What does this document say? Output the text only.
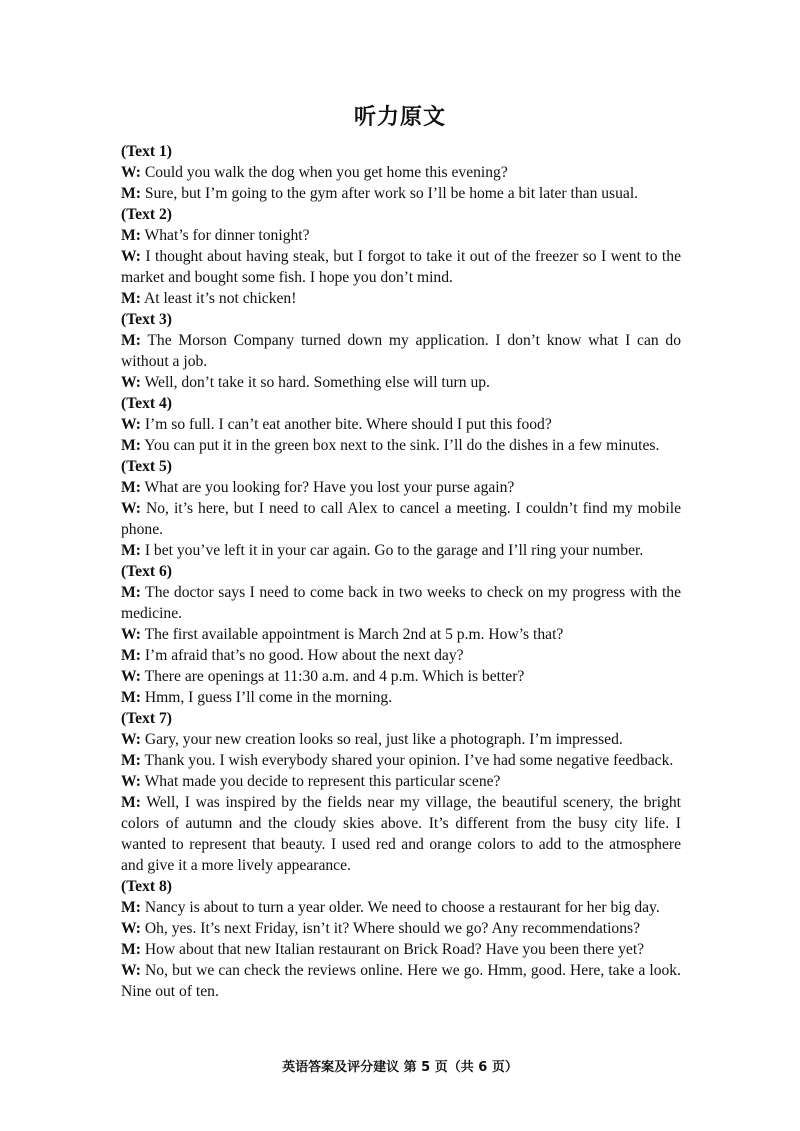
听力原文
(Text 1)
W: Could you walk the dog when you get home this evening?
M: Sure, but I’m going to the gym after work so I’ll be home a bit later than usual.
(Text 2)
M: What’s for dinner tonight?
W: I thought about having steak, but I forgot to take it out of the freezer so I went to the market and bought some fish. I hope you don’t mind.
M: At least it’s not chicken!
(Text 3)
M: The Morson Company turned down my application. I don’t know what I can do without a job.
W: Well, don’t take it so hard. Something else will turn up.
(Text 4)
W: I’m so full. I can’t eat another bite. Where should I put this food?
M: You can put it in the green box next to the sink. I’ll do the dishes in a few minutes.
(Text 5)
M: What are you looking for? Have you lost your purse again?
W: No, it’s here, but I need to call Alex to cancel a meeting. I couldn’t find my mobile phone.
M: I bet you’ve left it in your car again. Go to the garage and I’ll ring your number.
(Text 6)
M: The doctor says I need to come back in two weeks to check on my progress with the medicine.
W: The first available appointment is March 2nd at 5 p.m. How’s that?
M: I’m afraid that’s no good. How about the next day?
W: There are openings at 11:30 a.m. and 4 p.m. Which is better?
M: Hmm, I guess I’ll come in the morning.
(Text 7)
W: Gary, your new creation looks so real, just like a photograph. I’m impressed.
M: Thank you. I wish everybody shared your opinion. I’ve had some negative feedback.
W: What made you decide to represent this particular scene?
M: Well, I was inspired by the fields near my village, the beautiful scenery, the bright colors of autumn and the cloudy skies above. It’s different from the busy city life. I wanted to represent that beauty. I used red and orange colors to add to the atmosphere and give it a more lively appearance.
(Text 8)
M: Nancy is about to turn a year older. We need to choose a restaurant for her big day.
W: Oh, yes. It’s next Friday, isn’t it? Where should we go? Any recommendations?
M: How about that new Italian restaurant on Brick Road? Have you been there yet?
W: No, but we can check the reviews online. Here we go. Hmm, good. Here, take a look. Nine out of ten.
英语答案及评分建议 第 5 页（共 6 页）
